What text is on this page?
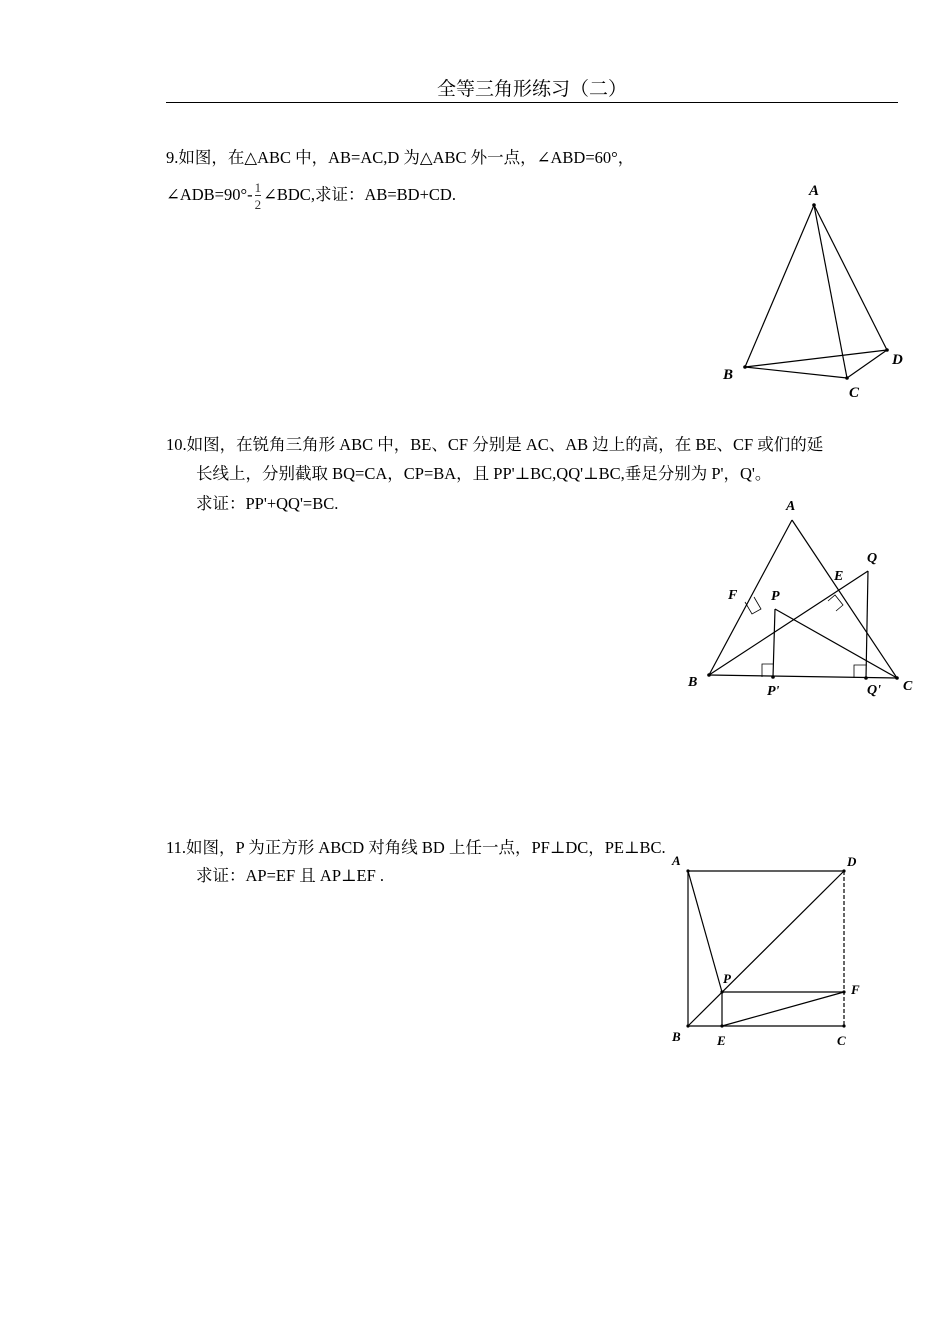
全等三角形练习（二）
9.如图，在△ABC 中，AB=AC,D 为△ABC 外一点，∠ABD=60°，
∠ADB=90°- $\frac{1}{2}$ ∠BDC,求证：AB=BD+CD.	A
B
C
D
10.如图，在锐角三角形 ABC 中，BE、CF 分别是 AC、AB 边上的高，在 BE、CF 或们的延
长线上，分别截取 BQ=CA，CP=BA，且 PP'⊥BC,QQ'⊥BC,垂足分别为 P'，Q'。
求证：PP'+QQ'=BC.	A
Q
E
F P
B
P'	Q' C
11.如图，P 为正方形 ABCD 对角线 BD 上任一点，PF⊥DC，PE⊥BC.
求证：AP=EF 且 AP⊥EF .
A	D
P
F
B	E	C
